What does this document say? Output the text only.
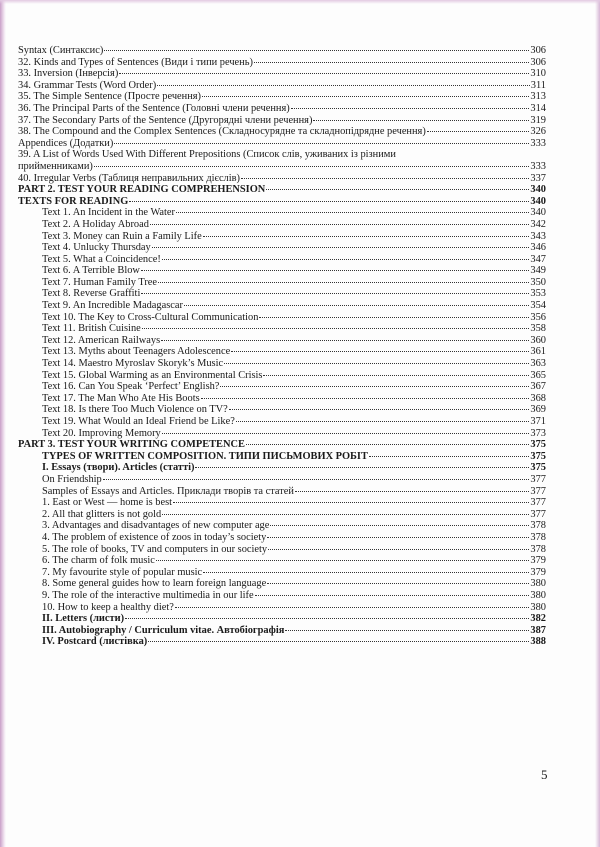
Syntax (Синтаксис)	306
32. Kinds and Types of Sentences (Види і типи речень)	306
33. Inversion (Інверсія)	310
34. Grammar Tests (Word Order)	311
35. The Simple Sentence (Просте речення)	313
36. The Principal Parts of the Sentence (Головні члени речення)	314
37. The Secondary Parts of the Sentence (Другорядні члени речення)	319
38. The Compound and the Complex Sentences (Складносурядне та складнопідрядне речення)	326
Appendices (Додатки)	333
39. A List of Words Used With Different Prepositions (Список слів, уживаних із різними
прийменниками)	333
40. Irregular Verbs (Таблиця неправильних дієслів)	337
PART 2. TEST YOUR READING COMPREHENSION	340
TEXTS FOR READING	340
Text 1. An Incident in the Water	340
Text 2. A Holiday Abroad	342
Text 3. Money can Ruin a Family Life	343
Text 4. Unlucky Thursday	346
Text 5. What a Coincidence!	347
Text 6. A Terrible Blow	349
Text 7. Human Family Tree	350
Text 8. Reverse Graffiti	353
Text 9. An Incredible Madagascar	354
Text 10. The Key to Cross-Cultural Communication	356
Text 11. British Cuisine	358
Text 12. American Railways	360
Text 13. Myths about Teenagers Adolescence	361
Text 14. Maestro Myroslav Skoryk’s Music	363
Text 15. Global Warming as an Environmental Crisis	365
Text 16. Can You Speak ‘Perfect’ English?	367
Text 17. The Man Who Ate His Boots	368
Text 18. Is there Too Much Violence on TV?	369
Text 19. What Would an Ideal Friend be Like?	371
Text 20. Improving Memory	373
PART 3. TEST YOUR WRITING COMPETENCE	375
TYPES OF WRITTEN COMPOSITION. ТИПИ ПИСЬМОВИХ РОБІТ	375
I. Essays (твори). Articles (статті)	375
On Friendship	377
Samples of Essays and Articles. Приклади творів та статей	377
1. East or West — home is best	377
2. All that glitters is not gold	377
3. Advantages and disadvantages of new computer age	378
4. The problem of existence of zoos in today’s society	378
5. The role of books, TV and computers in our society	378
6. The charm of folk music	379
7. My favourite style of popular music	379
8. Some general guides how to learn foreign language	380
9. The role of the interactive multimedia in our life	380
10. How to keep a healthy diet?	380
II. Letters (листи)	382
III. Autobiography / Curriculum vitae. Автобіографія	387
IV. Postcard (листівка)	388
5
